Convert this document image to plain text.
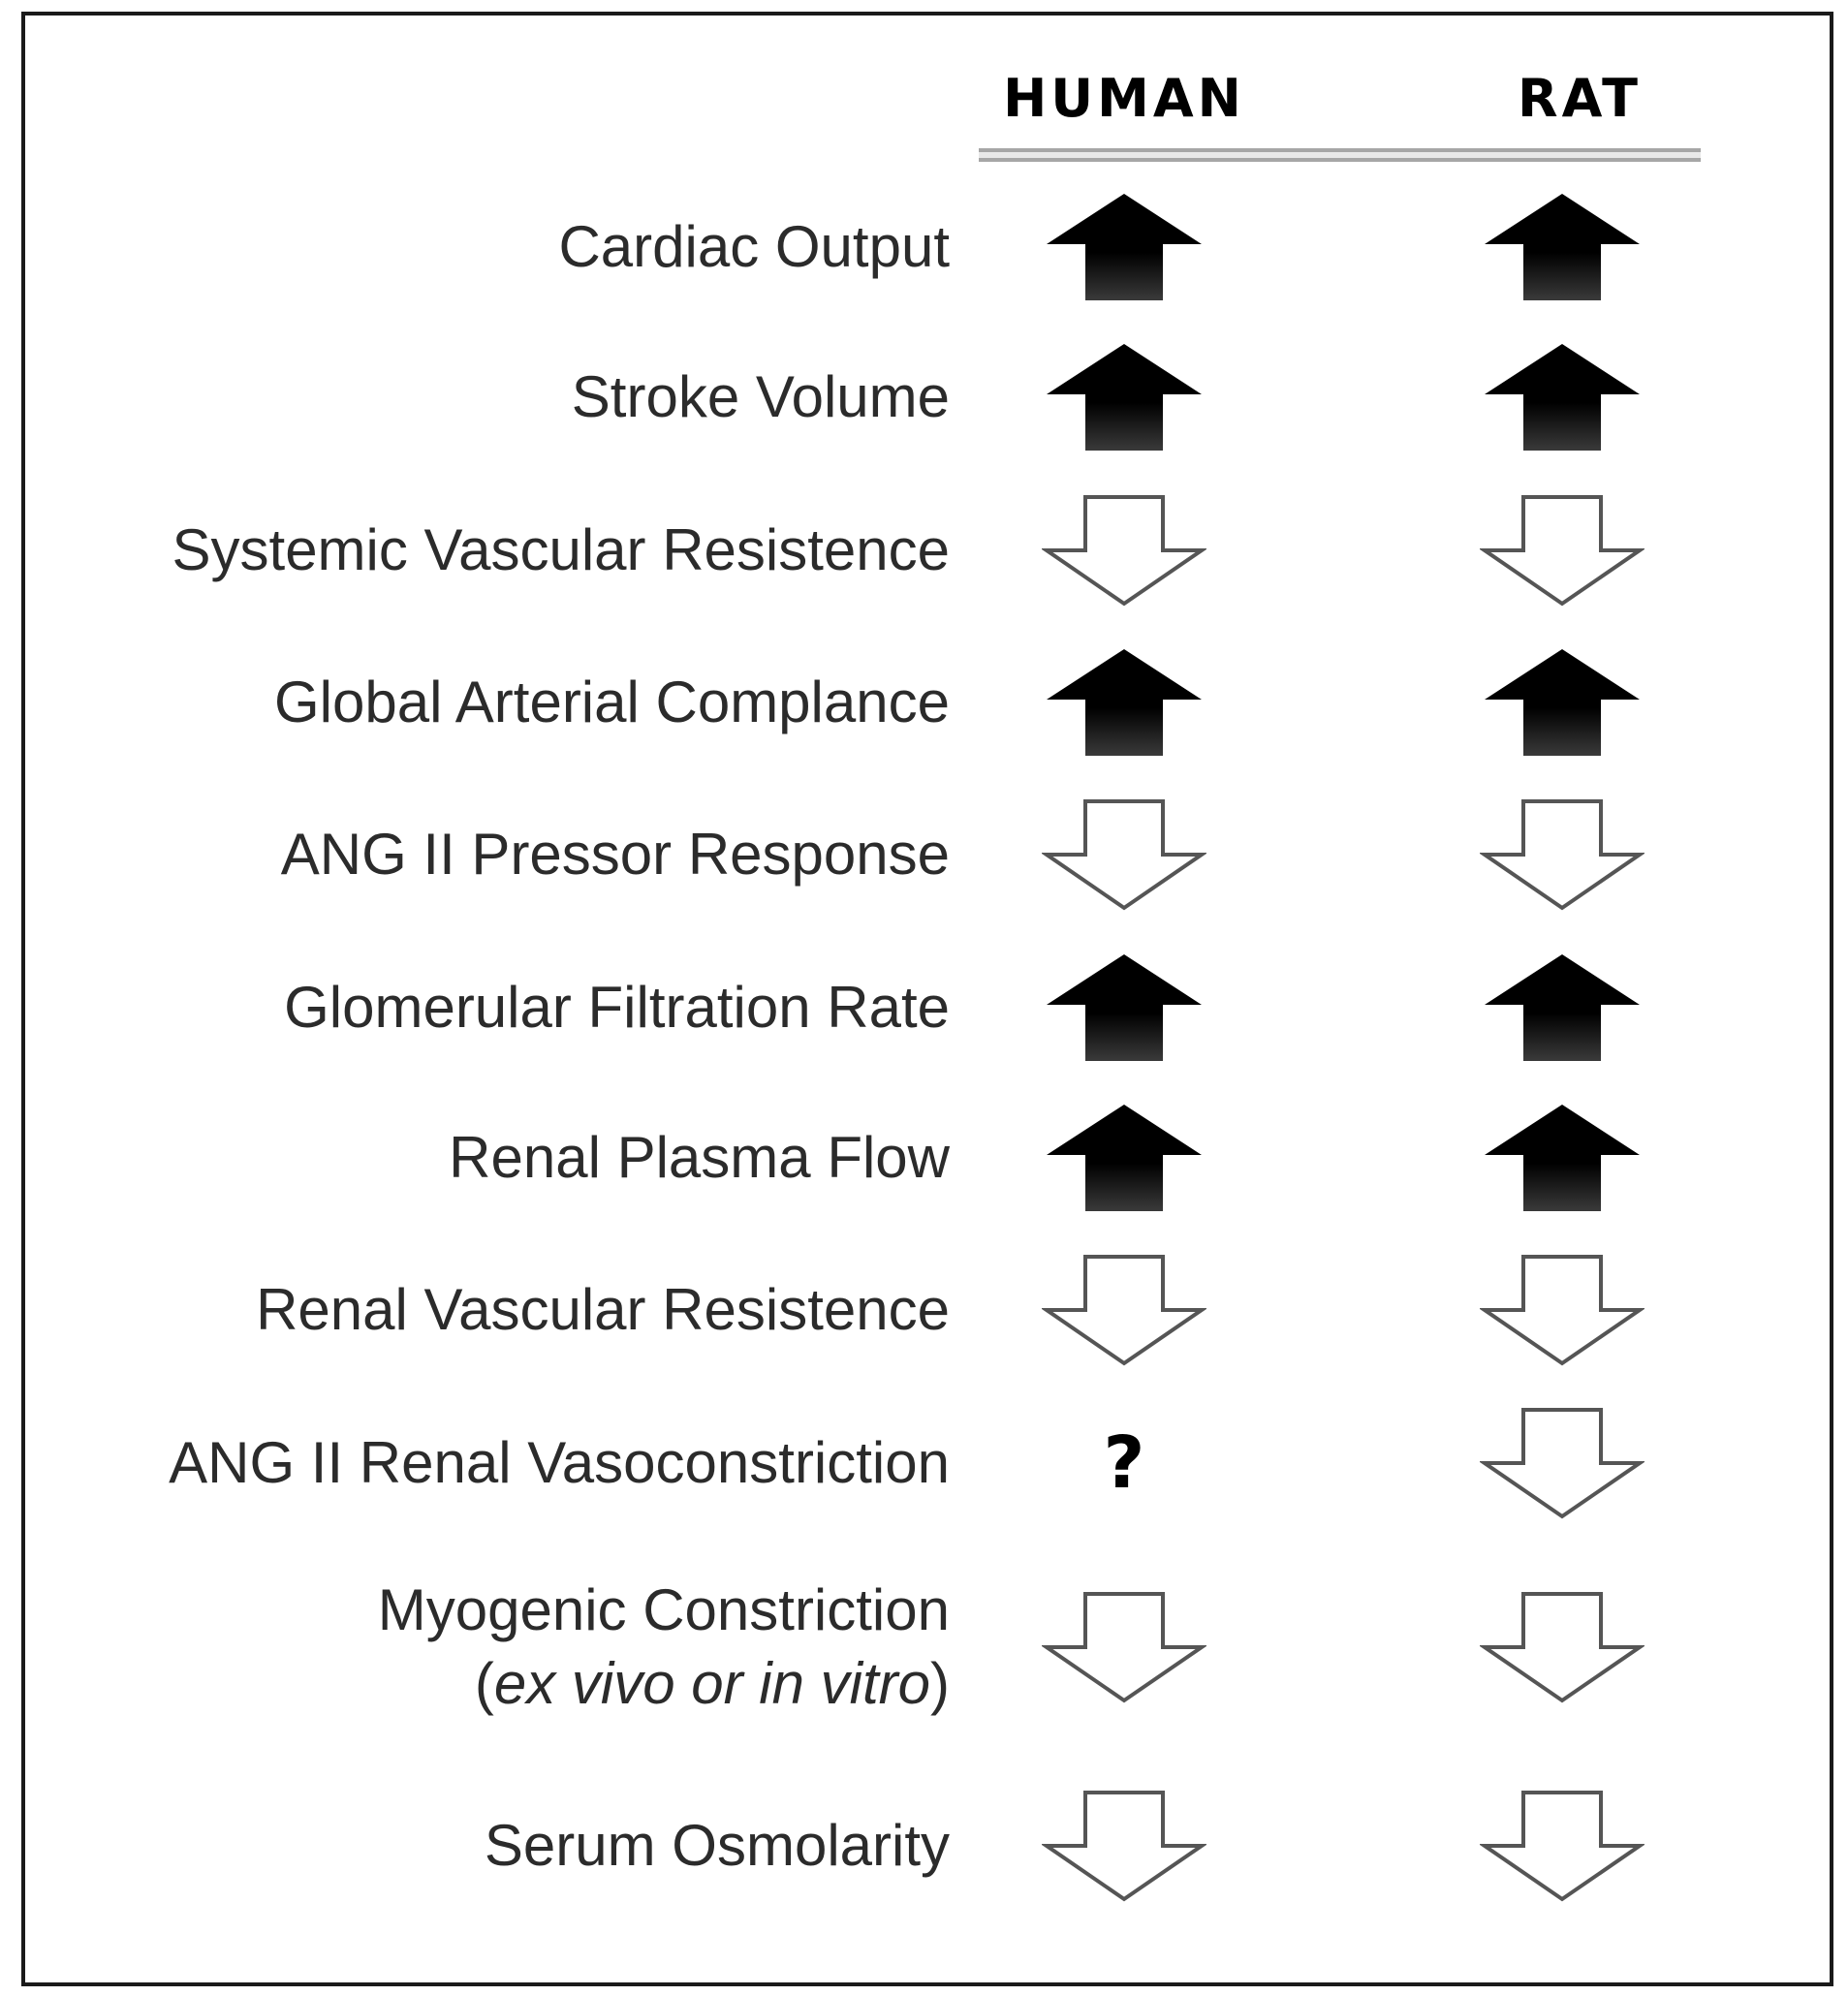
HUMAN	RAT
Cardiac Output
Stroke Volume
Systemic Vascular Resistence
Global Arterial Complance
ANG II Pressor Response
Glomerular Filtration Rate
Renal Plasma Flow
Renal Vascular Resistence
ANG II Renal Vasoconstriction	?
Myogenic Constriction
(ex vivo or in vitro)
Serum Osmolarity
